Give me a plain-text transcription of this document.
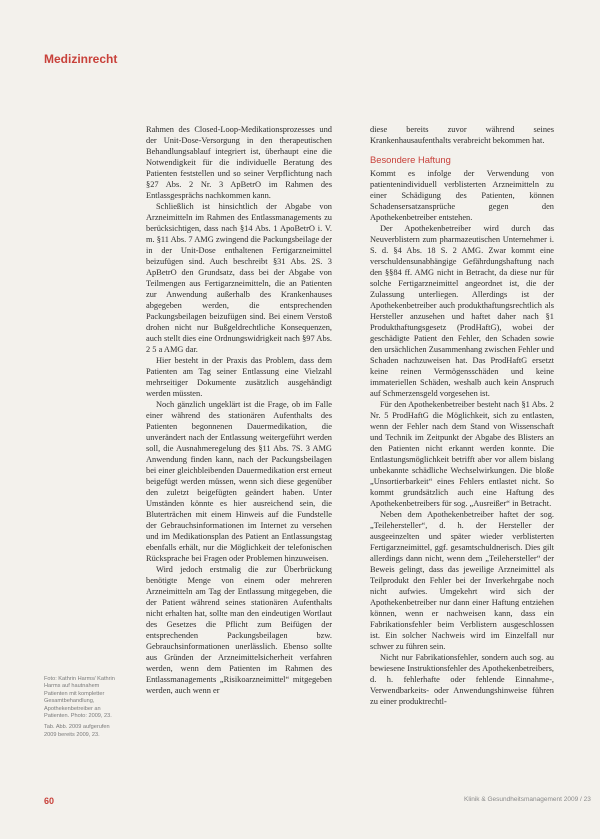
Medizinrecht

Rahmen des Closed-Loop-Medikationsprozesses und der Unit-Dose-Versorgung in den therapeutischen Behandlungsablauf integriert ist, überhaupt eine die Notwendigkeit für die individuelle Beratung des Patienten feststellen und so seiner Verpflichtung nach §27 Abs. 2 Nr. 3 ApBetrO im Rahmen des Entlassgesprächs nachkommen kann.

Schließlich ist hinsichtlich der Abgabe von Arzneimitteln im Rahmen des Entlassmanagements zu berücksichtigen, dass nach §14 Abs. 1 ApoBetrO i. V. m. §11 Abs. 7 AMG zwingend die Packungsbeilage der in der Unit-Dose enthaltenen Fertigarzneimittel beizufügen sind. Auch beschreibt §31 Abs. 2S. 3 ApBetrO den Grundsatz, dass bei der Abgabe von Teilmengen aus Fertigarzneimitteln, die an Patienten zur Anwendung außerhalb des Krankenhauses abgegeben werden, die entsprechenden Packungsbeilagen beizufügen sind. Bei einem Verstoß drohen nicht nur Bußgeldrechtliche Konsequenzen, auch stellt dies eine Ordnungswidrigkeit nach §97 Abs. 2 5 a AMG dar.

Hier besteht in der Praxis das Problem, dass dem Patienten am Tag seiner Entlassung eine Vielzahl mehrseitiger Dokumente zusätzlich ausgehändigt werden müssten.

Noch gänzlich ungeklärt ist die Frage, ob im Falle einer während des stationären Aufenthalts des Patienten begonnenen Dauermedikation, die unverändert nach der Entlassung weitergeführt werden soll, die Ausnahmeregelung des §11 Abs. 7S. 3 AMG Anwendung finden kann, nach der Packungsbeilagen bei einer gleichbleibenden Dauermedikation erst erneut beigefügt werden müssen, wenn sich diese gegenüber den zuletzt beigefügten geändert haben. Unter Umständen könnte es hier ausreichend sein, die Bluterträchen mit einem Hinweis auf die Fundstelle der Gebrauchsinformationen im Internet zu versehen und im Medikationsplan des Patient an Entlassungstag ebenfalls erhält, nur die Möglichkeit der telefonischen Rücksprache bei Fragen oder Problemen hinzuweisen.

Wird jedoch erstmalig die zur Überbrückung benötigte Menge von einem oder mehreren Arzneimitteln am Tag der Entlassung mitgegeben, die der Patient während seines stationären Aufenthalts nicht erhalten hat, sollte man den eindeutigen Wortlaut des Gesetzes die Pflicht zum Beifügen der entsprechenden Packungsbeilagen bzw. Gebrauchsinformationen unerlässlich. Ebenso sollte aus Gründen der Arzneimittelsicherheit verfahren werden, wenn dem Patienten im Rahmen des Entlassmanagements „Risikoarzneimittel“ mitgegeben werden, auch wenn er

diese bereits zuvor während seines Krankenhausaufenthalts verabreicht bekommen hat.

Besondere Haftung

Kommt es infolge der Verwendung von patientenindividuell verblisterten Arzneimitteln zu einer Schädigung des Patienten, können Schadensersatzansprüche gegen den Apothekenbetreiber entstehen.

Der Apothekenbetreiber wird durch das Neuverblistern zum pharmazeutischen Unternehmer i. S. d. §4 Abs. 18 S. 2 AMG. Zwar kommt eine verschuldensunabhängige Gefährdungshaftung nach den §§84 ff. AMG nicht in Betracht, da diese nur für solche Fertigarzneimittel angeordnet ist, die der Zulassung unterliegen. Allerdings ist der Apothekenbetreiber auch produkthaftungsrechtlich als Hersteller anzusehen und haftet daher nach §1 Produkthaftungsgesetz (ProdHaftG), wobei der geschädigte Patient den Fehler, den Schaden sowie den ursächlichen Zusammenhang zwischen Fehler und Schaden nachzuweisen hat. Das ProdHaftG ersetzt keine reinen Vermögensschäden und keine immateriellen Schäden, weshalb auch kein Anspruch auf Schmerzensgeld vorgesehen ist.

Für den Apothekenbetreiber besteht nach §1 Abs. 2 Nr. 5 ProdHaftG die Möglichkeit, sich zu entlasten, wenn der Fehler nach dem Stand von Wissenschaft und Technik im Zeitpunkt der Abgabe des Blisters an den Patienten nicht erkannt werden konnte. Die Entlastungsmöglichkeit betrifft aber vor allem bislang unbekannte schädliche Wechselwirkungen. Die bloße „Unsortierbarkeit“ eines Fehlers entlastet nicht. So kommt grundsätzlich auch eine Haftung des Apothekenbetreibers für sog. „Ausreißer“ in Betracht.

Neben dem Apothekenbetreiber haftet der sog. „Teilehersteller“, d. h. der Hersteller der ausgeeinzelten und später wieder verblisterten Fertigarzneimittel, ggf. gesamtschuldnerisch. Dies gilt allerdings dann nicht, wenn dem „Teilehersteller“ der Beweis gelingt, dass das jeweilige Arzneimittel als Teilprodukt den Fehler bei der Inverkehrgabe noch nicht aufwies. Umgekehrt wird sich der Apothekenbetreiber nur dann einer Haftung entziehen können, wenn er nachweisen kann, dass ein Fabrikationsfehler beim Verblistern ausgeschlossen ist. Ein solcher Nachweis wird im Einzelfall nur schwer zu führen sein.

Nicht nur Fabrikationsfehler, sondern auch sog. au bewiesene Instruktionsfehler des Apothekenbetreibers, d. h. fehlerhafte oder fehlende Einnahme-, Verwendbarkeits- oder Anwendungshinweise führen zu einer produktrechtl-

Foto: Kathrin Harms/ Kathrin Harms auf hautnahem Patienten mit kompletter Gesamtbehandlung, Apothekenbetreiber an Patienten. Photo: 2009, 23.

Tab. Abb. 2009 aufgerufen 2009 bereits 2009, 23.

60	Klinik & Gesundheitsmanagement 2009 / 23
